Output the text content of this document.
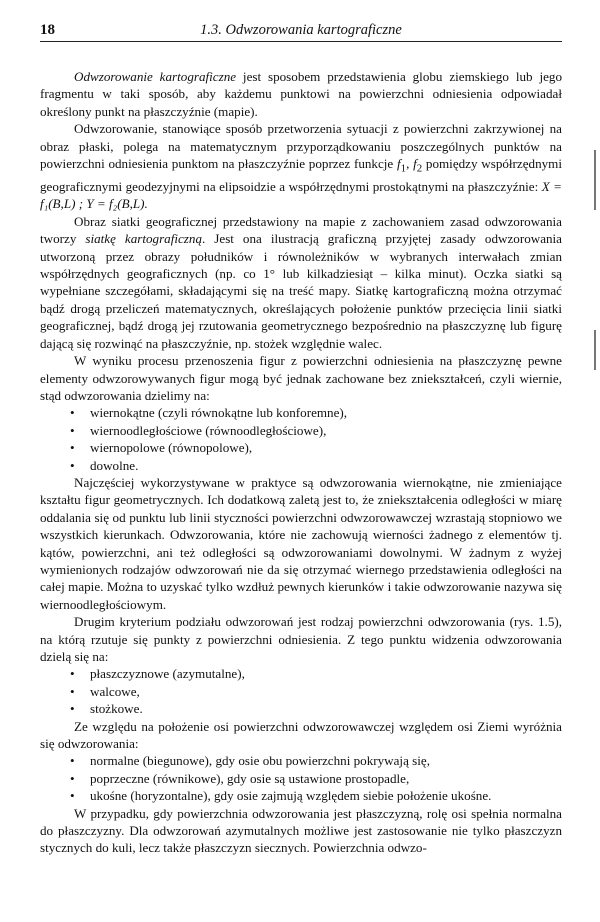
18	1.3. Odwzorowania kartograficzne

Odwzorowanie kartograficzne jest sposobem przedstawienia globu ziemskiego lub jego fragmentu w taki sposób, aby każdemu punktowi na powierzchni odniesienia odpowiadał określony punkt na płaszczyźnie (mapie).

Odwzorowanie, stanowiące sposób przetworzenia sytuacji z powierzchni zakrzywionej na obraz płaski, polega na matematycznym przyporządkowaniu poszczególnych punktów na powierzchni odniesienia punktom na płaszczyźnie poprzez funkcje $f_1$, $f_2$ pomiędzy współrzędnymi geograficznymi geodezyjnymi na elipsoidzie a współrzędnymi prostokątnymi na płaszczyźnie: X = f₁(B,L) ; Y = f₂(B,L).

Obraz siatki geograficznej przedstawiony na mapie z zachowaniem zasad odwzorowania tworzy siatkę kartograficzną. Jest ona ilustracją graficzną przyjętej zasady odwzorowania utworzoną przez obrazy południków i równoleżników w wybranych interwałach zmian współrzędnych geograficznych (np. co 1° lub kilkadziesiąt – kilka minut). Oczka siatki są wypełniane szczegółami, składającymi się na treść mapy. Siatkę kartograficzną można otrzymać bądź drogą przeliczeń matematycznych, określających położenie punktów przecięcia linii siatki geograficznej, bądź drogą jej rzutowania geometrycznego bezpośrednio na płaszczyznę lub figurę dającą się rozwinąć na płaszczyźnie, np. stożek względnie walec.

W wyniku procesu przenoszenia figur z powierzchni odniesienia na płaszczyznę pewne elementy odwzorowywanych figur mogą być jednak zachowane bez zniekształceń, czyli wiernie, stąd odwzorowania dzielimy na:

• wiernokątne (czyli równokątne lub konforemne),
• wiernoodległościowe (równoodległościowe),
• wiernopolowe (równopolowe),
• dowolne.

Najczęściej wykorzystywane w praktyce są odwzorowania wiernokątne, nie zmieniające kształtu figur geometrycznych. Ich dodatkową zaletą jest to, że zniekształcenia odległości w miarę oddalania się od punktu lub linii styczności powierzchni odwzorowawczej wzrastają stopniowo we wszystkich kierunkach. Odwzorowania, które nie zachowują wierności żadnego z elementów tj. kątów, powierzchni, ani też odległości są odwzorowaniami dowolnymi. W żadnym z wyżej wymienionych rodzajów odwzorowań nie da się otrzymać wiernego przedstawienia odległości na całej mapie. Można to uzyskać tylko wzdłuż pewnych kierunków i takie odwzorowanie nazywa się wiernoodległościowym.

Drugim kryterium podziału odwzorowań jest rodzaj powierzchni odwzorowania (rys. 1.5), na którą rzutuje się punkty z powierzchni odniesienia. Z tego punktu widzenia odwzorowania dzielą się na:

• płaszczyznowe (azymutalne),
• walcowe,
• stożkowe.

Ze względu na położenie osi powierzchni odwzorowawczej względem osi Ziemi wyróżnia się odwzorowania:

• normalne (biegunowe), gdy osie obu powierzchni pokrywają się,
• poprzeczne (równikowe), gdy osie są ustawione prostopadle,
• ukośne (horyzontalne), gdy osie zajmują względem siebie położenie ukośne.

W przypadku, gdy powierzchnia odwzorowania jest płaszczyzną, rolę osi spełnia normalna do płaszczyzny. Dla odwzorowań azymutalnych możliwe jest zastosowanie nie tylko płaszczyzn stycznych do kuli, lecz także płaszczyzn siecznych. Powierzchnia odwzo-
